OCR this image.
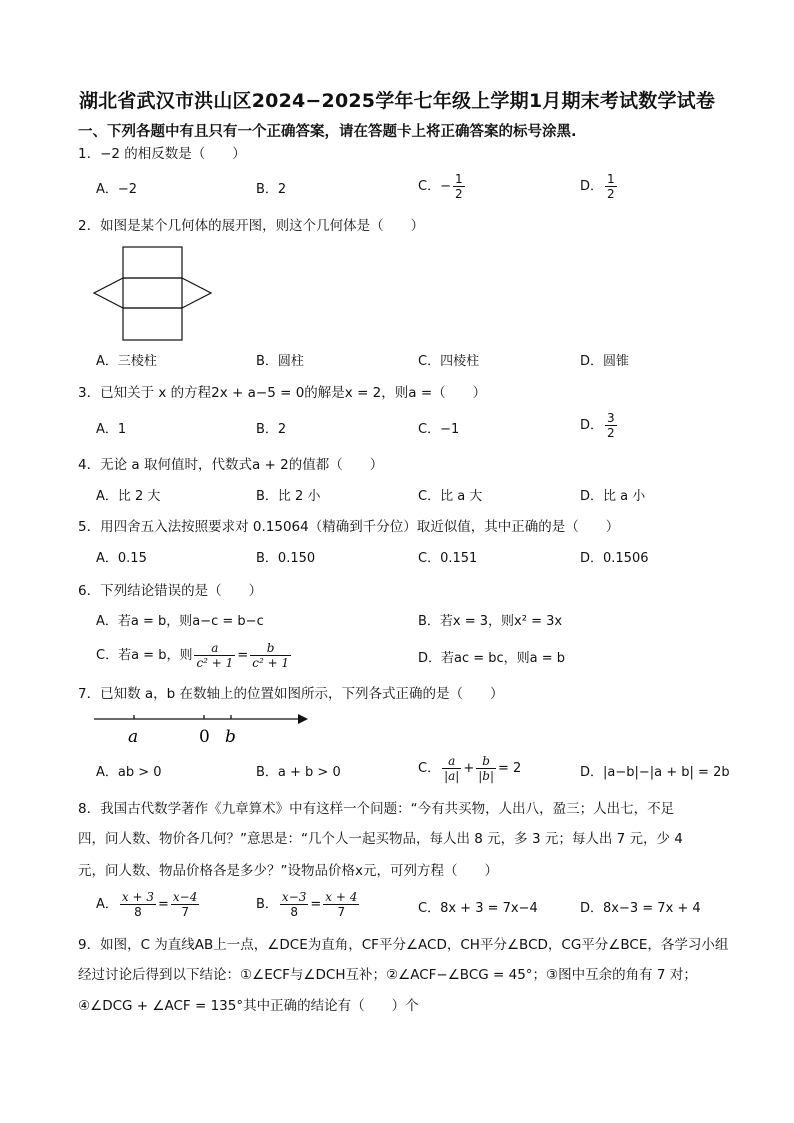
湖北省武汉市洪山区2024−2025学年七年级上学期1月期末考试数学试卷
一、下列各题中有且只有一个正确答案，请在答题卡上将正确答案的标号涂黑.
1．−2 的相反数是（　　）
A．−2	B．2	C．− $\frac{1}{2}$	D． $\frac{1}{2}$
2．如图是某个几何体的展开图，则这个几何体是（　　）
A．三棱柱	B．圆柱	C．四棱柱	D．圆锥
3．已知关于 x 的方程2x + a−5 = 0的解是x = 2，则a =（　　）
A．1	B．2	C．−1	D． $\frac{3}{2}$
4．无论 a 取何值时，代数式a + 2的值都（　　）
A．比 2 大	B．比 2 小	C．比 a 大	D．比 a 小
5．用四舍五入法按照要求对 0.15064（精确到千分位）取近似值，其中正确的是（　　）
A．0.15	B．0.150	C．0.151	D．0.1506
6．下列结论错误的是（　　）
A．若a = b，则a−c = b−c	B．若x = 3，则x² = 3x
C．若a = b，则 $\frac{a}{\text{c² + 1}} = \frac{b}{\text{c² + 1}}$	D．若ac = bc，则a = b
7．已知数 a，b 在数轴上的位置如图所示，下列各式正确的是（　　）
a	0 b
A．ab > 0	B．a + b > 0	C． $\frac{a}{|a|} + \frac{b}{|b|} = 2$	D．|a−b|−|a + b| = 2b
8．我国古代数学著作《九章算术》中有这样一个问题：“今有共买物，人出八，盈三；人出七，不足
四，问人数、物价各几何？”意思是：“几个人一起买物品，每人出 8 元，多 3 元；每人出 7 元，少 4
元，问人数、物品价格各是多少？”设物品价格x元，可列方程（　　）
A． $\frac{x + 3}{8} = \frac{x-4}{7}$	B． $\frac{x-3}{8} = \frac{x + 4}{7}$	C．8x + 3 = 7x−4	D．8x−3 = 7x + 4
9．如图，C 为直线AB上一点，∠DCE为直角，CF平分∠ACD，CH平分∠BCD，CG平分∠BCE，各学习小组
经过讨论后得到以下结论：①∠ECF与∠DCH互补；②∠ACF−∠BCG = 45°；③图中互余的角有 7 对；
④∠DCG + ∠ACF = 135°其中正确的结论有（　　）个
